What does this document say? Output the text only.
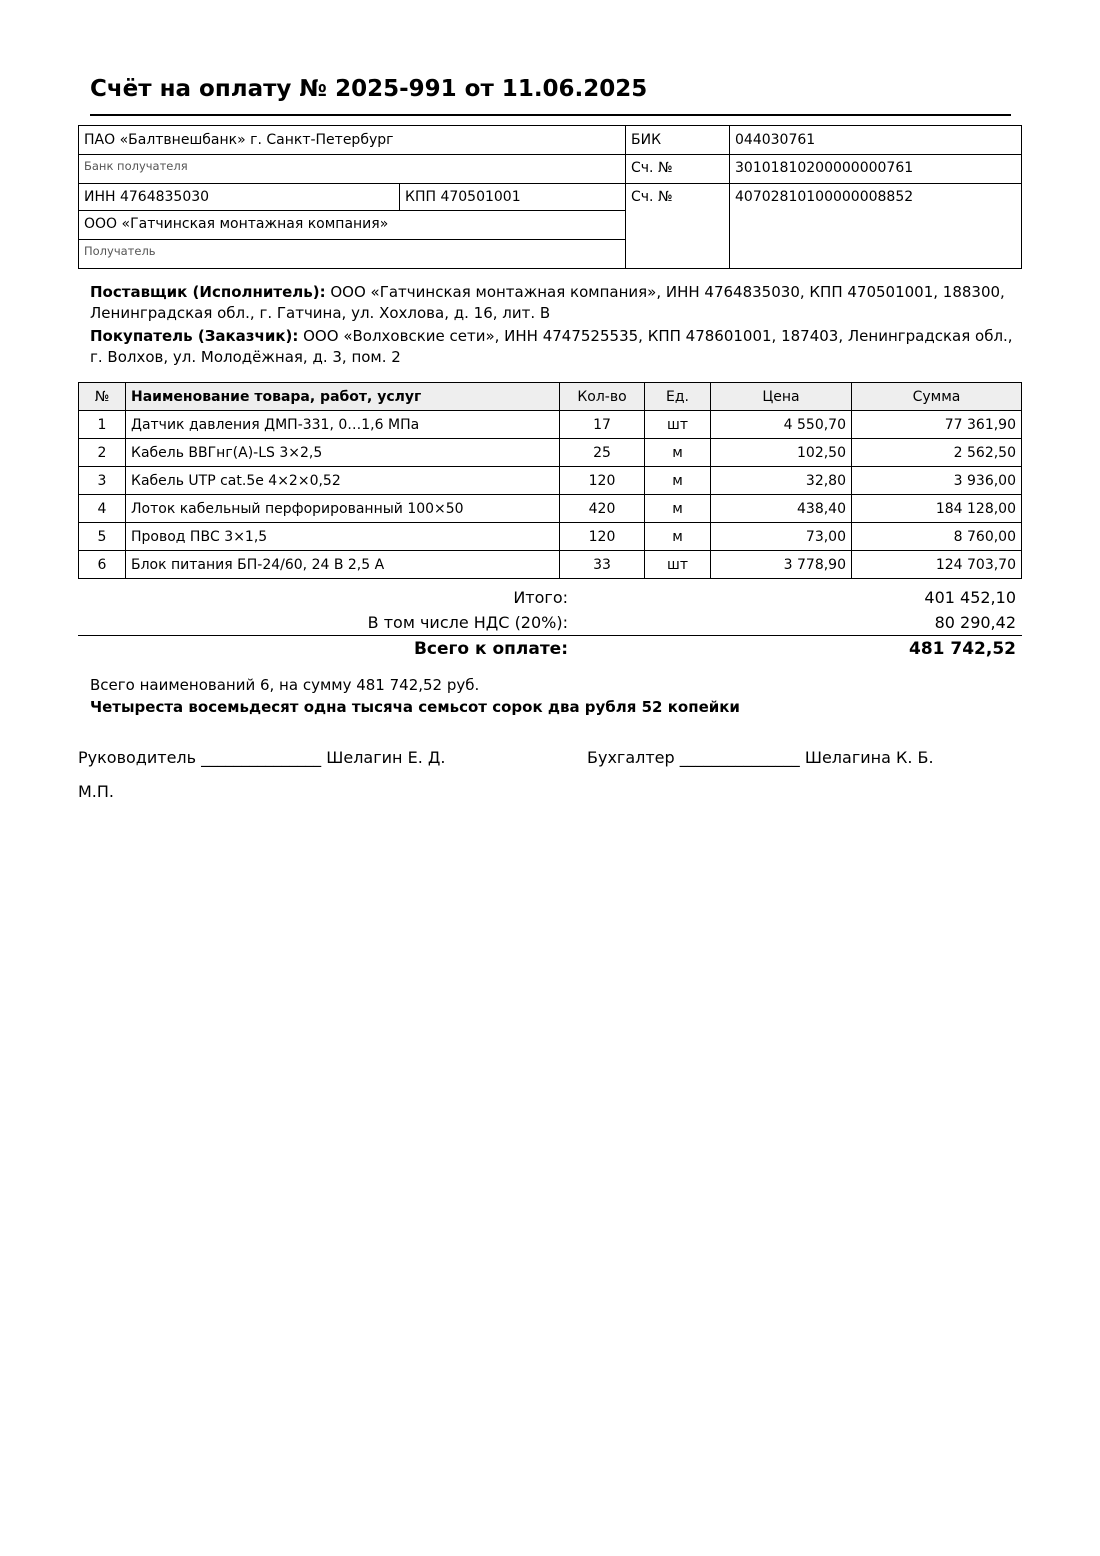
Счёт на оплату № 2025-991 от 11.06.2025
ПАО «Балтвнешбанк» г. Санкт-Петербург		БИК	044030761
Банк получателя		Сч. №	30101810200000000761
ИНН 4764835030	КПП 470501001	Сч. №	40702810100000008852
ООО «Гатчинская монтажная компания»			
Получатель			

Поставщик (Исполнитель): ООО «Гатчинская монтажная компания», ИНН 4764835030, КПП 470501001, 188300, Ленинградская обл., г. Гатчина, ул. Хохлова, д. 16, лит. В

Покупатель (Заказчик): ООО «Волховские сети», ИНН 4747525535, КПП 478601001, 187403, Ленинградская обл., г. Волхов, ул. Молодёжная, д. 3, пом. 2

№	Наименование товара, работ, услуг	Кол-во	Ед.	Цена	Сумма
1	Датчик давления ДМП-331, 0…1,6 МПа	17	шт	4 550,70	77 361,90
2	Кабель ВВГнг(А)-LS 3×2,5	25	м	102,50	2 562,50
3	Кабель UTP cat.5e 4×2×0,52	120	м	32,80	3 936,00
4	Лоток кабельный перфорированный 100×50	420	м	438,40	184 128,00
5	Провод ПВС 3×1,5	120	м	73,00	8 760,00
6	Блок питания БП-24/60, 24 В 2,5 А	33	шт	3 778,90	124 703,70
Итого:	401 452,10
В том числе НДС (20%):	80 290,42
Всего к оплате:	481 742,52
Всего наименований 6, на сумму 481 742,52 руб.
Четыреста восемьдесят одна тысяча семьсот сорок два рубля 52 копейки
Руководитель _______________ Шелагин Е. Д.	Бухгалтер _______________ Шелагина К. Б.
М.П.
